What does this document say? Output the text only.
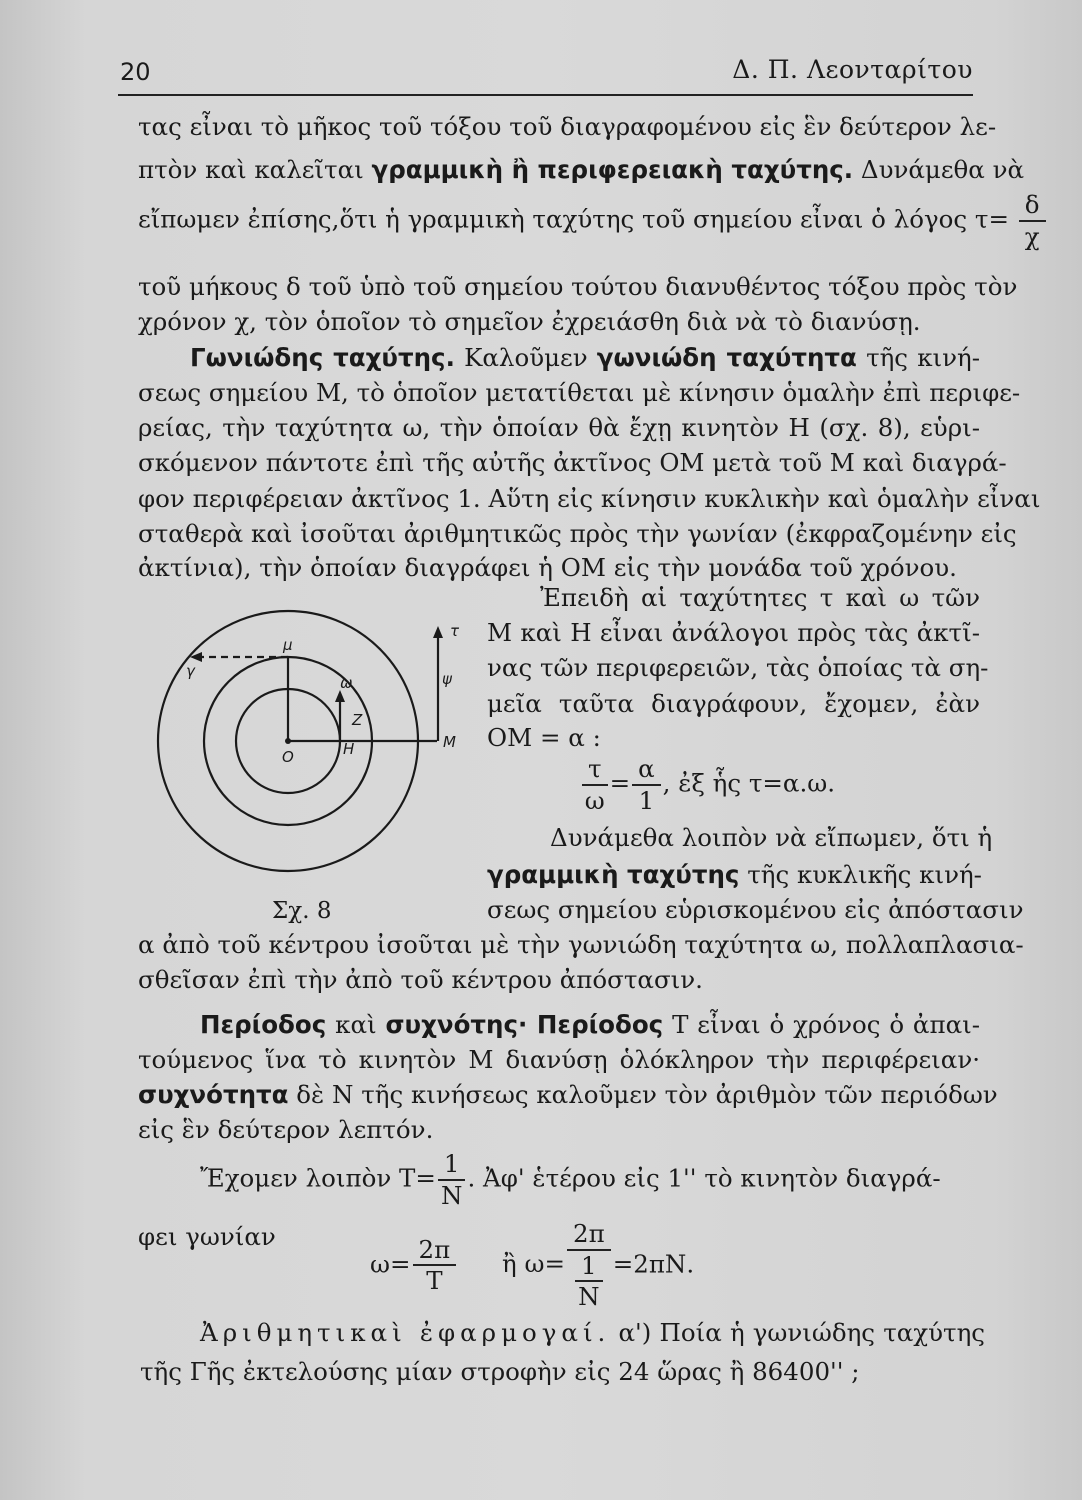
20	Δ. Π. Λεονταρίτου
τας εἶναι τὸ μῆκος τοῦ τόξου τοῦ διαγραφομένου εἰς ἓν δεύτερον λε-
πτὸν καὶ καλεῖται γραμμικὴ ἢ περιφερειακὴ ταχύτης. Δυνάμεθα νὰ
εἴπωμεν ἐπίσης,ὅτι ἡ γραμμικὴ ταχύτης τοῦ σημείου εἶναι ὁ λόγος $\tau= \frac{\delta}{\chi}$
τοῦ μήκους δ τοῦ ὑπὸ τοῦ σημείου τούτου διανυθέντος τόξου πρὸς τὸν
χρόνον χ, τὸν ὁποῖον τὸ σημεῖον ἐχρειάσθη διὰ νὰ τὸ διανύσῃ.
Γωνιώδης ταχύτης. Καλοῦμεν γωνιώδη ταχύτητα τῆς κινή-
σεως σημείου Μ, τὸ ὁποῖον μετατίθεται μὲ κίνησιν ὁμαλὴν ἐπὶ περιφε-
ρείας, τὴν ταχύτητα ω, τὴν ὁποίαν θὰ ἔχῃ κινητὸν Η (σχ. 8), εὑρι-
σκόμενον πάντοτε ἐπὶ τῆς αὐτῆς ἀκτῖνος ΟΜ μετὰ τοῦ Μ καὶ διαγρά-
φον περιφέρειαν ἀκτῖνος 1. Αὕτη εἰς κίνησιν κυκλικὴν καὶ ὁμαλὴν εἶναι
σταθερὰ καὶ ἰσοῦται ἀριθμητικῶς πρὸς τὴν γωνίαν (ἐκφραζομένην εἰς
ἀκτίνια), τὴν ὁποίαν διαγράφει ἡ ΟΜ εἰς τὴν μονάδα τοῦ χρόνου.
Ἐπειδὴ αἱ ταχύτητες τ καὶ ω τῶν
Μ καὶ Η εἶναι ἀνάλογοι πρὸς τὰς ἀκτῖ-
νας τῶν περιφερειῶν, τὰς ὁποίας τὰ ση-
μεῖα ταῦτα διαγράφουν, ἔχομεν, ἐὰν
ΟΜ = α :
$\frac{\tau}{\omega} = \frac{\alpha}{1}$ , ἐξ ἧς τ=α.ω.
Δυνάμεθα λοιπὸν νὰ εἴπωμεν, ὅτι ἡ
γραμμικὴ ταχύτης τῆς κυκλικῆς κινή-
σεως σημείου εὑρισκομένου εἰς ἀπόστασιν
μ
γ
ω
τ
ψ
Ζ
Ο	Η	Μ
Σχ. 8
α ἀπὸ τοῦ κέντρου ἰσοῦται μὲ τὴν γωνιώδη ταχύτητα ω, πολλαπλασια-
σθεῖσαν ἐπὶ τὴν ἀπὸ τοῦ κέντρου ἀπόστασιν.
Περίοδος καὶ συχνότης· Περίοδος Τ εἶναι ὁ χρόνος ὁ ἀπαι-
τούμενος ἵνα τὸ κινητὸν Μ διανύσῃ ὁλόκληρον τὴν περιφέρειαν·
συχνότητα δὲ Ν τῆς κινήσεως καλοῦμεν τὸν ἀριθμὸν τῶν περιόδων
εἰς ἓν δεύτερον λεπτόν.
Ἔχομεν λοιπὸν $T= \frac{1}{N}$ . Ἀφ' ἑτέρου εἰς 1'' τὸ κινητὸν διαγρά-
φει γωνίαν
$\omega= \frac{2\pi}{T}$ ἢ $\omega= \frac{2\pi}{\frac{1}{N}} =2\pi N$.
Ἀριθμητικαὶ ἐφαρμογαί. α') Ποία ἡ γωνιώδης ταχύτης
τῆς Γῆς ἐκτελούσης μίαν στροφὴν εἰς 24 ὥρας ἢ 86400'' ;
